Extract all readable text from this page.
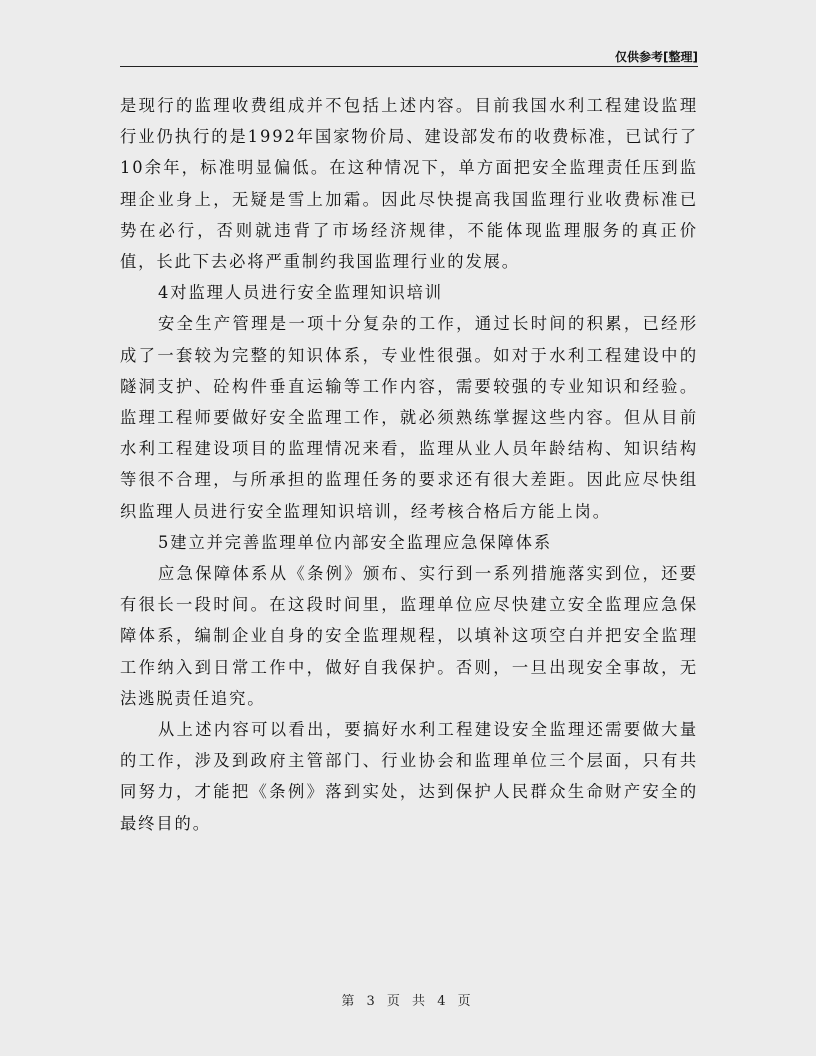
仅供参考[整理]

是现行的监理收费组成并不包括上述内容。目前我国水利工程建设监理行业仍执行的是1992年国家物价局、建设部发布的收费标准，已试行了10余年，标准明显偏低。在这种情况下，单方面把安全监理责任压到监理企业身上，无疑是雪上加霜。因此尽快提高我国监理行业收费标准已势在必行，否则就违背了市场经济规律，不能体现监理服务的真正价值，长此下去必将严重制约我国监理行业的发展。

4对监理人员进行安全监理知识培训

安全生产管理是一项十分复杂的工作，通过长时间的积累，已经形成了一套较为完整的知识体系，专业性很强。如对于水利工程建设中的隧洞支护、砼构件垂直运输等工作内容，需要较强的专业知识和经验。监理工程师要做好安全监理工作，就必须熟练掌握这些内容。但从目前水利工程建设项目的监理情况来看，监理从业人员年龄结构、知识结构等很不合理，与所承担的监理任务的要求还有很大差距。因此应尽快组织监理人员进行安全监理知识培训，经考核合格后方能上岗。

5建立并完善监理单位内部安全监理应急保障体系

应急保障体系从《条例》颁布、实行到一系列措施落实到位，还要有很长一段时间。在这段时间里，监理单位应尽快建立安全监理应急保障体系，编制企业自身的安全监理规程，以填补这项空白并把安全监理工作纳入到日常工作中，做好自我保护。否则，一旦出现安全事故，无法逃脱责任追究。

从上述内容可以看出，要搞好水利工程建设安全监理还需要做大量的工作，涉及到政府主管部门、行业协会和监理单位三个层面，只有共同努力，才能把《条例》落到实处，达到保护人民群众生命财产安全的最终目的。

第 3 页 共 4 页
